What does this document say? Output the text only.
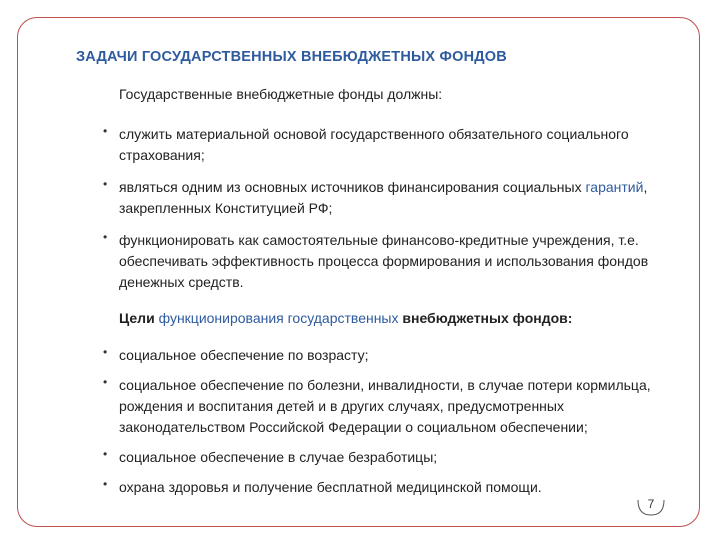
ЗАДАЧИ ГОСУДАРСТВЕННЫХ ВНЕБЮДЖЕТНЫХ ФОНДОВ

Государственные внебюджетные фонды должны:

• служить материальной основой государственного обязательного социального страхования;
• являться одним из основных источников финансирования социальных гарантий, закрепленных Конституцией РФ;
• функционировать как самостоятельные финансово-кредитные учреждения, т.е. обеспечивать эффективность процесса формирования и использования фондов денежных средств.
Цели функционирования государственных внебюджетных фондов:
• социальное обеспечение по возрасту;
• социальное обеспечение по болезни, инвалидности, в случае потери кормильца, рождения и воспитания детей и в других случаях, предусмотренных законодательством Российской Федерации о социальном обеспечении;
• социальное обеспечение в случае безработицы;
• охрана здоровья и получение бесплатной медицинской помощи.
7
